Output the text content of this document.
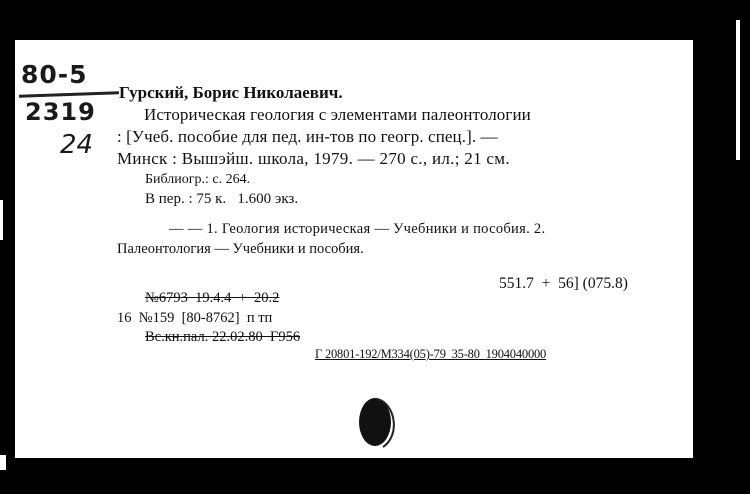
80-5
2319
24
Гурский, Борис Николаевич.
Историческая геология с элементами палеонтологии
: [Учеб. пособие для пед. ин-тов по геогр. спец.]. —
Минск : Вышэйш. школа, 1979. — 270 с., ил.; 21 см.
Библиогр.: с. 264.
В пер. : 75 к.   1.600 экз.
— — 1. Геология историческая — Учебники и пособия. 2.
Палеонтология — Учебники и пособия.
551.7  +  56] (075.8)
№6793  19.4.4  +  20.2
16  №159  [80-8762]  п тп
Вс.кн.пал. 22.02.80  Г956
Г 20801-192/М334(05)-79  35-80  1904040000
